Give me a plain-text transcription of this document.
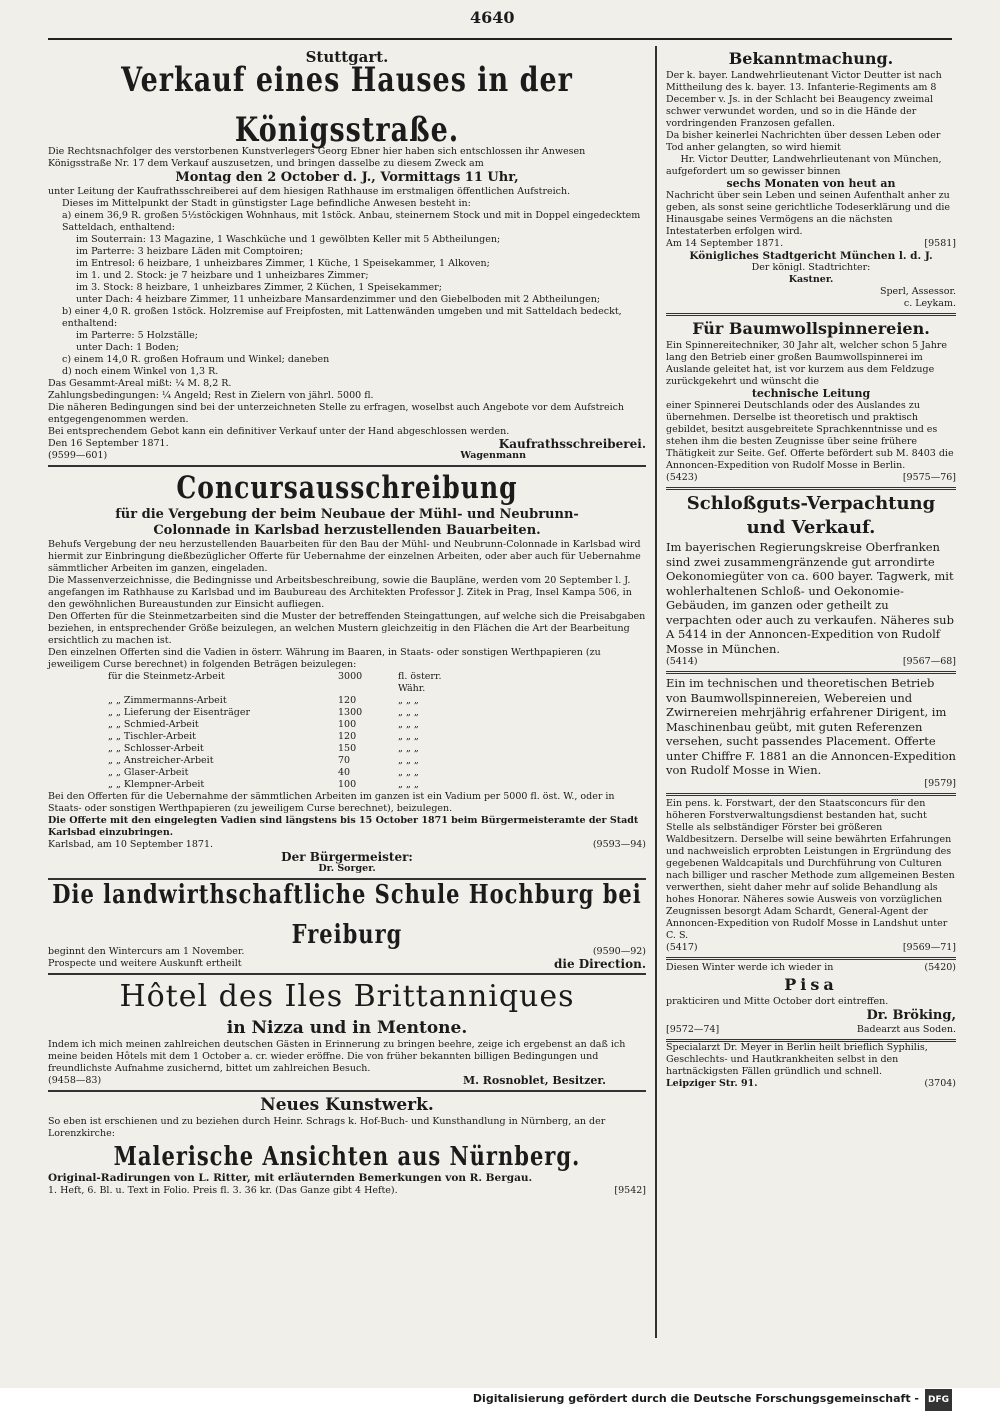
4640

Stuttgart.

Verkauf eines Hauses in der Königsstraße.

Die Rechtsnachfolger des verstorbenen Kunstverlegers Georg Ebner hier haben sich entschlossen ihr Anwesen Königsstraße Nr. 17 dem Verkauf auszusetzen, und bringen dasselbe zu diesem Zweck am

Montag den 2 October d. J., Vormittags 11 Uhr,

unter Leitung der Kaufrathsschreiberei auf dem hiesigen Rathhause im erstmaligen öffentlichen Aufstreich.

Dieses im Mittelpunkt der Stadt in günstigster Lage befindliche Anwesen besteht in:

a) einem 36,9 R. großen 5½stöckigen Wohnhaus, mit 1stöck. Anbau, steinernem Stock und mit in Doppel eingedecktem Satteldach, enthaltend:

im Souterrain: 13 Magazine, 1 Waschküche und 1 gewölbten Keller mit 5 Abtheilungen;

im Parterre: 3 heizbare Läden mit Comptoiren;

im Entresol: 6 heizbare, 1 unheizbares Zimmer, 1 Küche, 1 Speisekammer, 1 Alkoven;

im 1. und 2. Stock: je 7 heizbare und 1 unheizbares Zimmer;

im 3. Stock: 8 heizbare, 1 unheizbares Zimmer, 2 Küchen, 1 Speisekammer;

unter Dach: 4 heizbare Zimmer, 11 unheizbare Mansardenzimmer und den Giebelboden mit 2 Abtheilungen;

b) einer 4,0 R. großen 1stöck. Holzremise auf Freipfosten, mit Lattenwänden umgeben und mit Satteldach bedeckt, enthaltend:

im Parterre: 5 Holzställe;

unter Dach: 1 Boden;

c) einem 14,0 R. großen Hofraum und Winkel; daneben

d) noch einem Winkel von 1,3 R.

Das Gesammt-Areal mißt: ¼ M. 8,2 R.

Zahlungsbedingungen: ¼ Angeld; Rest in Zielern von jährl. 5000 fl.

Die näheren Bedingungen sind bei der unterzeichneten Stelle zu erfragen, woselbst auch Angebote vor dem Aufstreich entgegengenommen werden.

Bei entsprechendem Gebot kann ein definitiver Verkauf unter der Hand abgeschlossen werden.

Den 16 September 1871.	Kaufrathsschreiberei.

(9599—601)	Wagenmann

Concursausschreibung

für die Vergebung der beim Neubaue der Mühl- und Neubrunn-

Colonnade in Karlsbad herzustellenden Bauarbeiten.

Behufs Vergebung der neu herzustellenden Bauarbeiten für den Bau der Mühl- und Neubrunn-Colonnade in Karlsbad wird hiermit zur Einbringung dießbezüglicher Offerte für Uebernahme der einzelnen Arbeiten, oder aber auch für Uebernahme sämmtlicher Arbeiten im ganzen, eingeladen.

Die Massenverzeichnisse, die Bedingnisse und Arbeitsbeschreibung, sowie die Baupläne, werden vom 20 September l. J. angefangen im Rathhause zu Karlsbad und im Baubureau des Architekten Professor J. Zitek in Prag, Insel Kampa 506, in den gewöhnlichen Bureaustunden zur Einsicht aufliegen.

Den Offerten für die Steinmetzarbeiten sind die Muster der betreffenden Steingattungen, auf welche sich die Preisabgaben beziehen, in entsprechender Größe beizulegen, an welchen Mustern gleichzeitig in den Flächen die Art der Bearbeitung ersichtlich zu machen ist.

Den einzelnen Offerten sind die Vadien in österr. Währung im Baaren, in Staats- oder sonstigen Werthpapieren (zu jeweiligem Curse berechnet) in folgenden Beträgen beizulegen:

für die Steinmetz-Arbeit	3000	fl. österr. Währ.
„ „ Zimmermanns-Arbeit	120	„ „ „
„ „ Lieferung der Eisenträger	1300	„ „ „
„ „ Schmied-Arbeit	100	„ „ „
„ „ Tischler-Arbeit	120	„ „ „
„ „ Schlosser-Arbeit	150	„ „ „
„ „ Anstreicher-Arbeit	70	„ „ „
„ „ Glaser-Arbeit	40	„ „ „
„ „ Klempner-Arbeit	100	„ „ „

Bei den Offerten für die Uebernahme der sämmtlichen Arbeiten im ganzen ist ein Vadium per 5000 fl. öst. W., oder in Staats- oder sonstigen Werthpapieren (zu jeweiligem Curse berechnet), beizulegen.

Die Offerte mit den eingelegten Vadien sind längstens bis 15 October 1871 beim Bürgermeisteramte der Stadt Karlsbad einzubringen.

Karlsbad, am 10 September 1871.	(9593—94)

Der Bürgermeister:

Dr. Sorger.

Die landwirthschaftliche Schule Hochburg bei Freiburg

beginnt den Wintercurs am 1 November.	(9590—92)

Prospecte und weitere Auskunft ertheilt	die Direction.

Hôtel des Iles Brittanniques

in Nizza und in Mentone.

Indem ich mich meinen zahlreichen deutschen Gästen in Erinnerung zu bringen beehre, zeige ich ergebenst an daß ich meine beiden Hôtels mit dem 1 October a. cr. wieder eröffne. Die von früher bekannten billigen Bedingungen und freundlichste Aufnahme zusichernd, bittet um zahlreichen Besuch.

(9458—83)	M. Rosnoblet, Besitzer.

Neues Kunstwerk.

So eben ist erschienen und zu beziehen durch Heinr. Schrags k. Hof-Buch- und Kunsthandlung in Nürnberg, an der Lorenzkirche:

Malerische Ansichten aus Nürnberg.

Original-Radirungen von L. Ritter, mit erläuternden Bemerkungen von R. Bergau.

1. Heft, 6. Bl. u. Text in Folio. Preis fl. 3. 36 kr. (Das Ganze gibt 4 Hefte).	[9542]

Bekanntmachung.

Der k. bayer. Landwehrlieutenant Victor Deutter ist nach Mittheilung des k. bayer. 13. Infanterie-Regiments am 8 December v. Js. in der Schlacht bei Beaugency zweimal schwer verwundet worden, und so in die Hände der vordringenden Franzosen gefallen.

Da bisher keinerlei Nachrichten über dessen Leben oder Tod anher gelangten, so wird hiemit

Hr. Victor Deutter, Landwehrlieutenant von München,

aufgefordert um so gewisser binnen

sechs Monaten von heut an

Nachricht über sein Leben und seinen Aufenthalt anher zu geben, als sonst seine gerichtliche Todeserklärung und die Hinausgabe seines Vermögens an die nächsten Intestaterben erfolgen wird.

Am 14 September 1871.	[9581]

Königliches Stadtgericht München l. d. J.

Der königl. Stadtrichter:

Kastner.

Sperl, Assessor.

c. Leykam.

Für Baumwollspinnereien.

Ein Spinnereitechniker, 30 Jahr alt, welcher schon 5 Jahre lang den Betrieb einer großen Baumwollspinnerei im Auslande geleitet hat, ist vor kurzem aus dem Feldzuge zurückgekehrt und wünscht die

technische Leitung

einer Spinnerei Deutschlands oder des Auslandes zu übernehmen. Derselbe ist theoretisch und praktisch gebildet, besitzt ausgebreitete Sprachkenntnisse und es stehen ihm die besten Zeugnisse über seine frühere Thätigkeit zur Seite. Gef. Offerte befördert sub M. 8403 die Annoncen-Expedition von Rudolf Mosse in Berlin.

(5423)	[9575—76]

Schloßguts-Verpachtung

und Verkauf.

Im bayerischen Regierungskreise Oberfranken sind zwei zusammengränzende gut arrondirte Oekonomiegüter von ca. 600 bayer. Tagwerk, mit wohlerhaltenen Schloß- und Oekonomie-Gebäuden, im ganzen oder getheilt zu verpachten oder auch zu verkaufen. Näheres sub A 5414 in der Annoncen-Expedition von Rudolf Mosse in München.

(5414)	[9567—68]

Ein im technischen und theoretischen Betrieb von Baumwollspinnereien, Webereien und Zwirnereien mehrjährig erfahrener Dirigent, im Maschinenbau geübt, mit guten Referenzen versehen, sucht passendes Placement. Offerte unter Chiffre F. 1881 an die Annoncen-Expedition von Rudolf Mosse in Wien.

[9579]

Ein pens. k. Forstwart, der den Staatsconcurs für den höheren Forstverwaltungsdienst bestanden hat, sucht Stelle als selbständiger Förster bei größeren Waldbesitzern. Derselbe will seine bewährten Erfahrungen und nachweislich erprobten Leistungen in Ergründung des gegebenen Waldcapitals und Durchführung von Culturen nach billiger und rascher Methode zum allgemeinen Besten verwerthen, sieht daher mehr auf solide Behandlung als hohes Honorar. Näheres sowie Ausweis von vorzüglichen Zeugnissen besorgt Adam Schardt, General-Agent der Annoncen-Expedition von Rudolf Mosse in Landshut unter C. S.

(5417)	[9569—71]

Diesen Winter werde ich wieder in	(5420)

Pisa

prakticiren und Mitte October dort eintreffen.

Dr. Bröking,

[9572—74]	Badearzt aus Soden.

Specialarzt Dr. Meyer in Berlin heilt brieflich Syphilis, Geschlechts- und Hautkrankheiten selbst in den hartnäckigsten Fällen gründlich und schnell.

Leipziger Str. 91.	(3704)

Digitalisierung gefördert durch die Deutsche Forschungsgemeinschaft - DFG
